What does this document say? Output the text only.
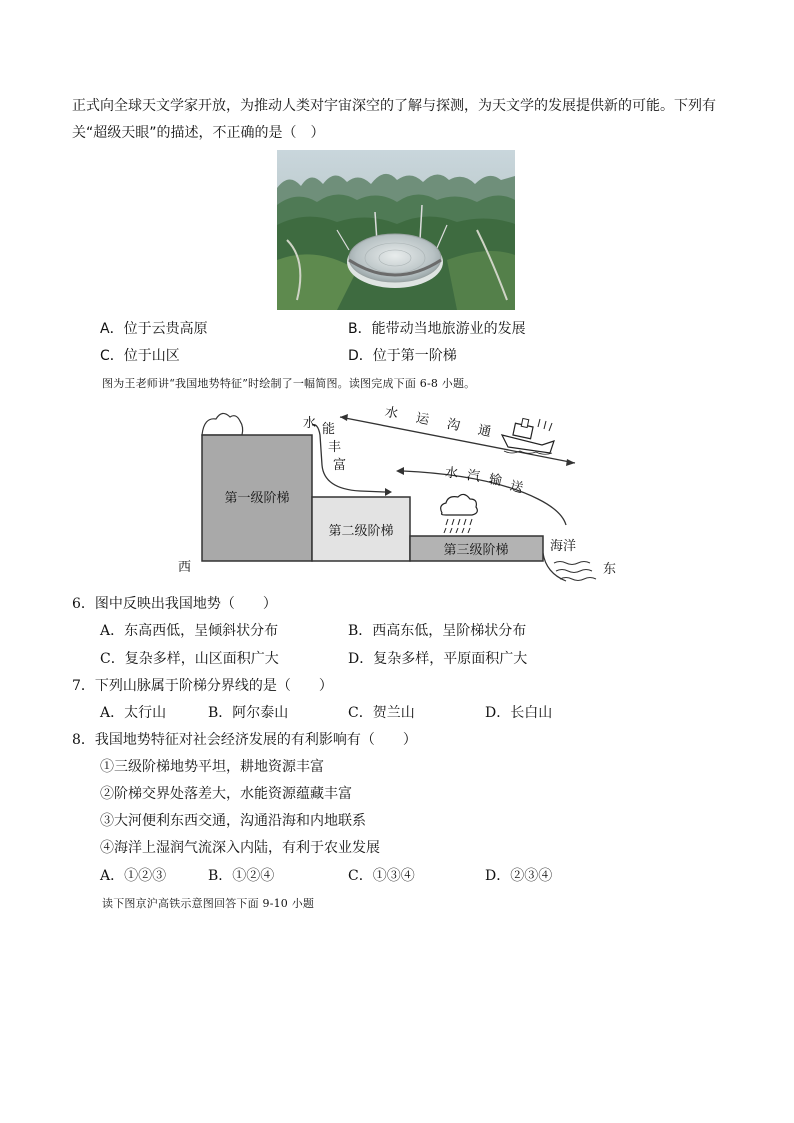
正式向全球天文学家开放，为推动人类对宇宙深空的了解与探测，为天文学的发展提供新的可能。下列有
关“超级天眼”的描述，不正确的是（　）
A．位于云贵高原	B．能带动当地旅游业的发展
C．位于山区	D．位于第一阶梯
图为王老师讲“我国地势特征”时绘制了一幅简图。读图完成下面 6-8 小题。
第一级阶梯
第二级阶梯
第三级阶梯
水 能
丰
富
水 运 沟 通
水 汽 输 送
海洋
西	东
6．图中反映出我国地势（　　）
A．东高西低，呈倾斜状分布	B．西高东低，呈阶梯状分布
C．复杂多样，山区面积广大	D．复杂多样，平原面积广大
7．下列山脉属于阶梯分界线的是（　　）
A．太行山	B．阿尔泰山	C．贺兰山	D．长白山
8．我国地势特征对社会经济发展的有利影响有（　　）
①三级阶梯地势平坦，耕地资源丰富
②阶梯交界处落差大，水能资源蕴藏丰富
③大河便利东西交通，沟通沿海和内地联系
④海洋上湿润气流深入内陆，有利于农业发展
A．①②③	B．①②④	C．①③④	D．②③④
读下图京沪高铁示意图回答下面 9-10 小题
